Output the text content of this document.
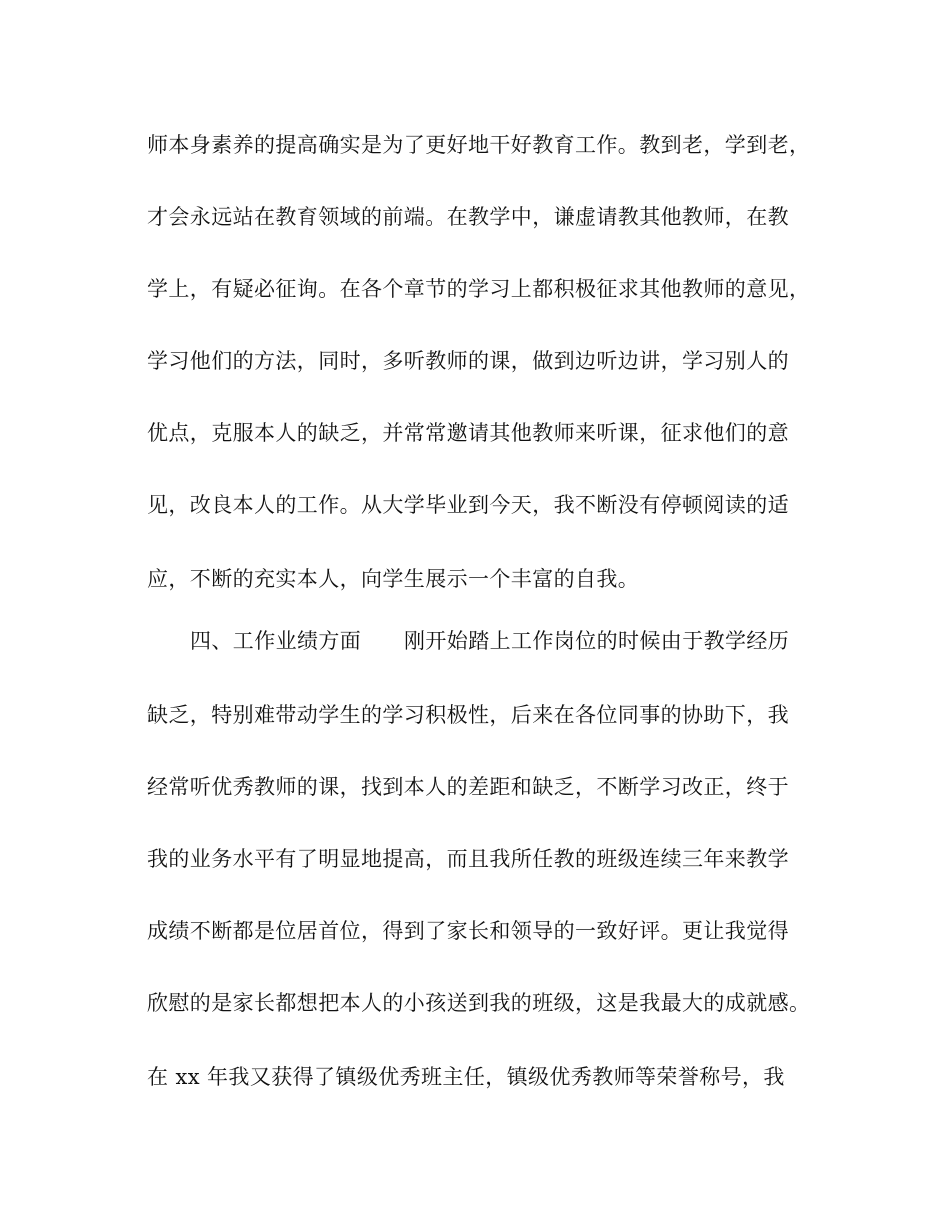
师本身素养的提高确实是为了更好地干好教育工作。教到老，学到老，
才会永远站在教育领域的前端。在教学中，谦虚请教其他教师，在教
学上，有疑必征询。在各个章节的学习上都积极征求其他教师的意见，
学习他们的方法，同时，多听教师的课，做到边听边讲，学习别人的
优点，克服本人的缺乏，并常常邀请其他教师来听课，征求他们的意
见，改良本人的工作。从大学毕业到今天，我不断没有停顿阅读的适
应，不断的充实本人，向学生展示一个丰富的自我。
四、工作业绩方面　　刚开始踏上工作岗位的时候由于教学经历
缺乏，特别难带动学生的学习积极性，后来在各位同事的协助下，我
经常听优秀教师的课，找到本人的差距和缺乏，不断学习改正，终于
我的业务水平有了明显地提高，而且我所任教的班级连续三年来教学
成绩不断都是位居首位，得到了家长和领导的一致好评。更让我觉得
欣慰的是家长都想把本人的小孩送到我的班级，这是我最大的成就感。
在 xx 年我又获得了镇级优秀班主任，镇级优秀教师等荣誉称号，我
